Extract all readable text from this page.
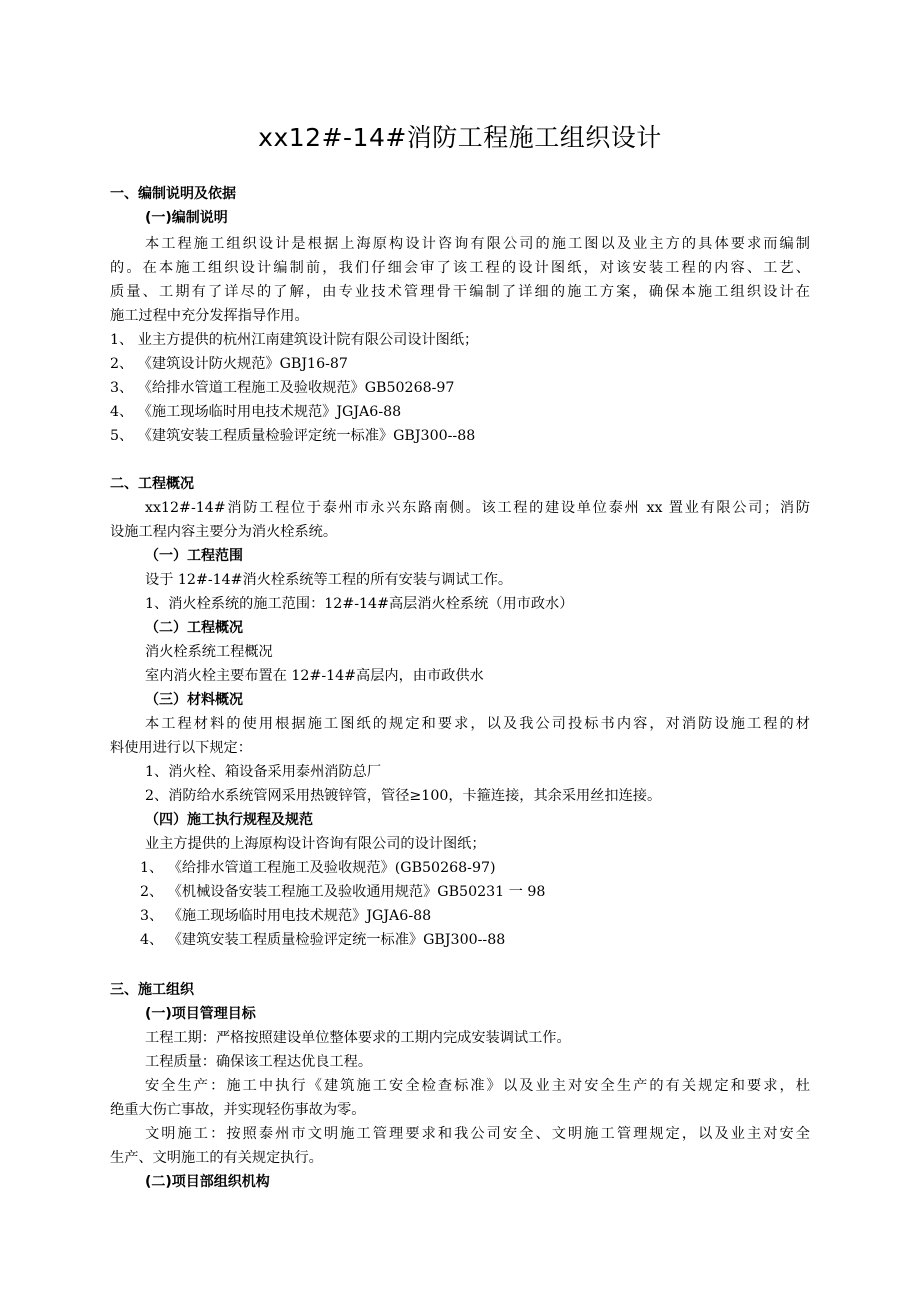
xx12#-14#消防工程施工组织设计
一、编制说明及依据
(一)编制说明
本工程施工组织设计是根据上海原构设计咨询有限公司的施工图以及业主方的具体要求而编制
的。在本施工组织设计编制前，我们仔细会审了该工程的设计图纸，对该安装工程的内容、工艺、
质量、工期有了详尽的了解，由专业技术管理骨干编制了详细的施工方案，确保本施工组织设计在
施工过程中充分发挥指导作用。
1、 业主方提供的杭州江南建筑设计院有限公司设计图纸；
2、 《建筑设计防火规范》GBJ16-87
3、 《给排水管道工程施工及验收规范》GB50268-97
4、 《施工现场临时用电技术规范》JGJA6-88
5、 《建筑安装工程质量检验评定统一标准》GBJ300--88
二、工程概况
xx12#-14#消防工程位于泰州市永兴东路南侧。该工程的建设单位泰州 xx 置业有限公司；消防
设施工程内容主要分为消火栓系统。
（一）工程范围
设于 12#-14#消火栓系统等工程的所有安装与调试工作。
1、消火栓系统的施工范围：12#-14#高层消火栓系统（用市政水）
（二）工程概况
消火栓系统工程概况
室内消火栓主要布置在 12#-14#高层内，由市政供水
（三）材料概况
本工程材料的使用根据施工图纸的规定和要求，以及我公司投标书内容，对消防设施工程的材
料使用进行以下规定：
1、消火栓、箱设备采用泰州消防总厂
2、消防给水系统管网采用热镀锌管，管径≥100，卡箍连接，其余采用丝扣连接。
（四）施工执行规程及规范
业主方提供的上海原构设计咨询有限公司的设计图纸；
1、 《给排水管道工程施工及验收规范》(GB50268-97)
2、 《机械设备安装工程施工及验收通用规范》GB50231 一 98
3、 《施工现场临时用电技术规范》JGJA6-88
4、 《建筑安装工程质量检验评定统一标准》GBJ300--88
三、施工组织
(一)项目管理目标
工程工期：严格按照建设单位整体要求的工期内完成安装调试工作。
工程质量：确保该工程达优良工程。
安全生产：施工中执行《建筑施工安全检查标准》以及业主对安全生产的有关规定和要求，杜
绝重大伤亡事故，并实现轻伤事故为零。
文明施工：按照泰州市文明施工管理要求和我公司安全、文明施工管理规定，以及业主对安全
生产、文明施工的有关规定执行。
(二)项目部组织机构
